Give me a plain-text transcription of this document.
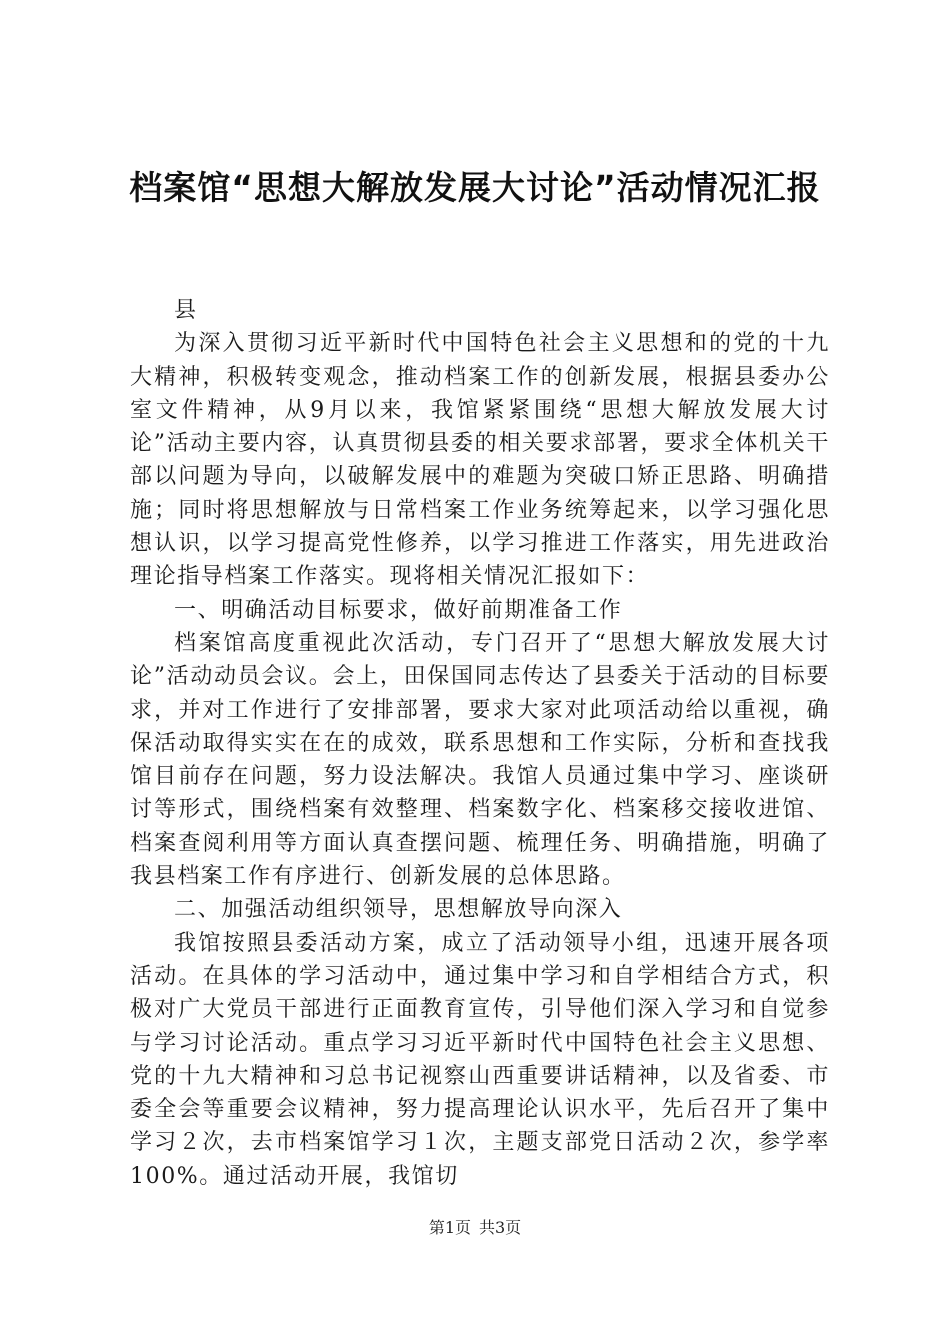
档案馆“思想大解放发展大讨论”活动情况汇报

县

为深入贯彻习近平新时代中国特色社会主义思想和的党的十九大精神，积极转变观念，推动档案工作的创新发展，根据县委办公室文件精神，从9月以来，我馆紧紧围绕“思想大解放发展大讨论”活动主要内容，认真贯彻县委的相关要求部署，要求全体机关干部以问题为导向，以破解发展中的难题为突破口矫正思路、明确措施；同时将思想解放与日常档案工作业务统筹起来，以学习强化思想认识，以学习提高党性修养，以学习推进工作落实，用先进政治理论指导档案工作落实。现将相关情况汇报如下：

一、明确活动目标要求，做好前期准备工作

档案馆高度重视此次活动，专门召开了“思想大解放发展大讨论”活动动员会议。会上，田保国同志传达了县委关于活动的目标要求，并对工作进行了安排部署，要求大家对此项活动给以重视，确保活动取得实实在在的成效，联系思想和工作实际，分析和查找我馆目前存在问题，努力设法解决。我馆人员通过集中学习、座谈研讨等形式，围绕档案有效整理、档案数字化、档案移交接收进馆、档案查阅利用等方面认真查摆问题、梳理任务、明确措施，明确了我县档案工作有序进行、创新发展的总体思路。

二、加强活动组织领导，思想解放导向深入

我馆按照县委活动方案，成立了活动领导小组，迅速开展各项活动。在具体的学习活动中，通过集中学习和自学相结合方式，积极对广大党员干部进行正面教育宣传，引导他们深入学习和自觉参与学习讨论活动。重点学习习近平新时代中国特色社会主义思想、党的十九大精神和习总书记视察山西重要讲话精神，以及省委、市委全会等重要会议精神，努力提高理论认识水平，先后召开了集中学习２次，去市档案馆学习１次，主题支部党日活动２次，参学率100%。通过活动开展，我馆切

第1页 共3页
